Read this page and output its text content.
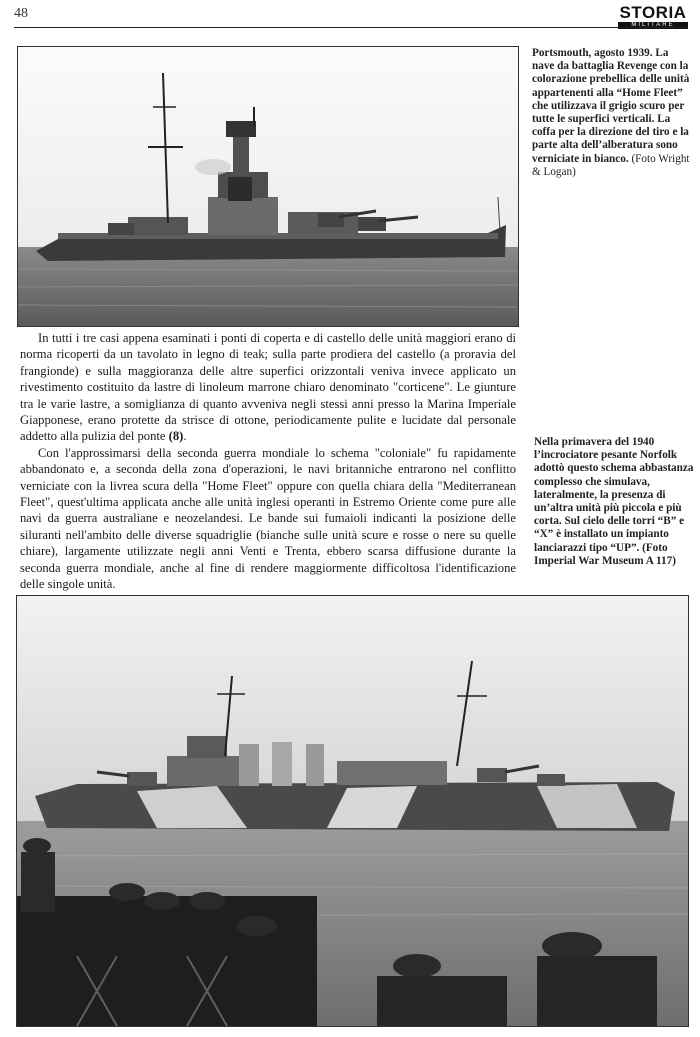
48	STORIA
MILITARE
Portsmouth, agosto 1939. La nave da battaglia Revenge con la colorazione prebellica delle unità appartenenti alla “Home Fleet” che utilizzava il grigio scuro per tutte le superfici verticali. La coffa per la direzione del tiro e la parte alta dell’alberatura sono verniciate in bianco. (Foto Wright & Logan)

In tutti i tre casi appena esaminati i ponti di coperta e di castello delle unità maggiori erano di norma ricoperti da un tavolato in legno di teak; sulla parte prodiera del castello (a proravia del frangionde) e sulla maggioranza delle altre superfici orizzontali veniva invece applicato un rivestimento costituito da lastre di linoleum marrone chiaro denominato "corticene". Le giunture tra le varie lastre, a somiglianza di quanto avveniva negli stessi anni presso la Marina Imperiale Giapponese, erano protette da strisce di ottone, periodicamente pulite e lucidate dal personale addetto alla pulizia del ponte (8).

Con l'approssimarsi della seconda guerra mondiale lo schema "coloniale" fu rapidamente abbandonato e, a seconda della zona d'operazioni, le navi britanniche entrarono nel conflitto verniciate con la livrea scura della "Home Fleet" oppure con quella chiara della "Mediterranean Fleet", quest'ultima applicata anche alle unità inglesi operanti in Estremo Oriente come pure alle navi da guerra australiane e neozelandesi. Le bande sui fumaioli indicanti la posizione delle siluranti nell'ambito delle diverse squadriglie (bianche sulle unità scure e rosse o nere su quelle chiare), largamente utilizzate negli anni Venti e Trenta, ebbero scarsa diffusione durante la seconda guerra mondiale, anche al fine di rendere maggiormente difficoltosa l'identificazione delle singole unità.

Nella primavera del 1940 l’incrociatore pesante Norfolk adottò questo schema abbastanza complesso che simulava, lateralmente, la presenza di un’altra unità più piccola e più corta. Sul cielo delle torri “B” e “X” è installato un impianto lanciarazzi tipo “UP”. (Foto Imperial War Museum A 117)
